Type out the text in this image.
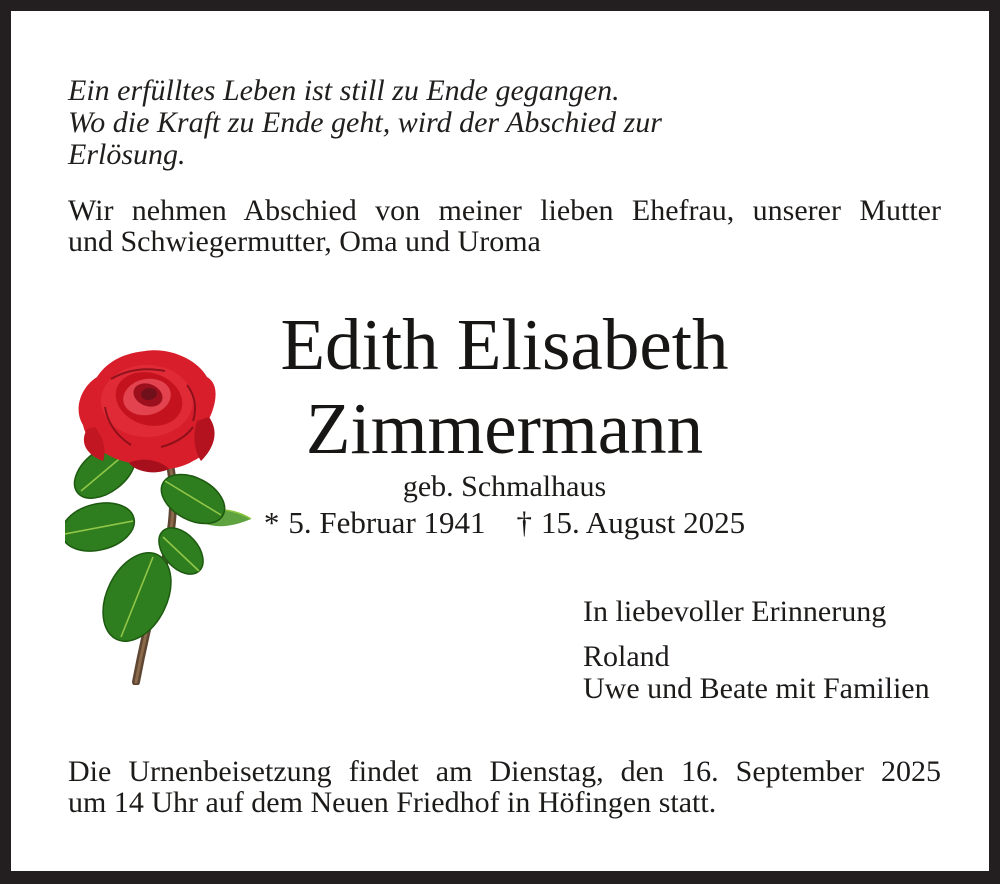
Ein erfülltes Leben ist still zu Ende gegangen.
Wo die Kraft zu Ende geht, wird der Abschied zur Erlösung.
Wir nehmen Abschied von meiner lieben Ehefrau, unserer Mutter
und Schwiegermutter, Oma und Uroma
Edith Elisabeth
Zimmermann
geb. Schmalhaus
* 5. Februar 1941 † 15. August 2025
In liebevoller Erinnerung
Roland
Uwe und Beate mit Familien
Die Urnenbeisetzung findet am Dienstag, den 16. September 2025
um 14 Uhr auf dem Neuen Friedhof in Höfingen statt.
